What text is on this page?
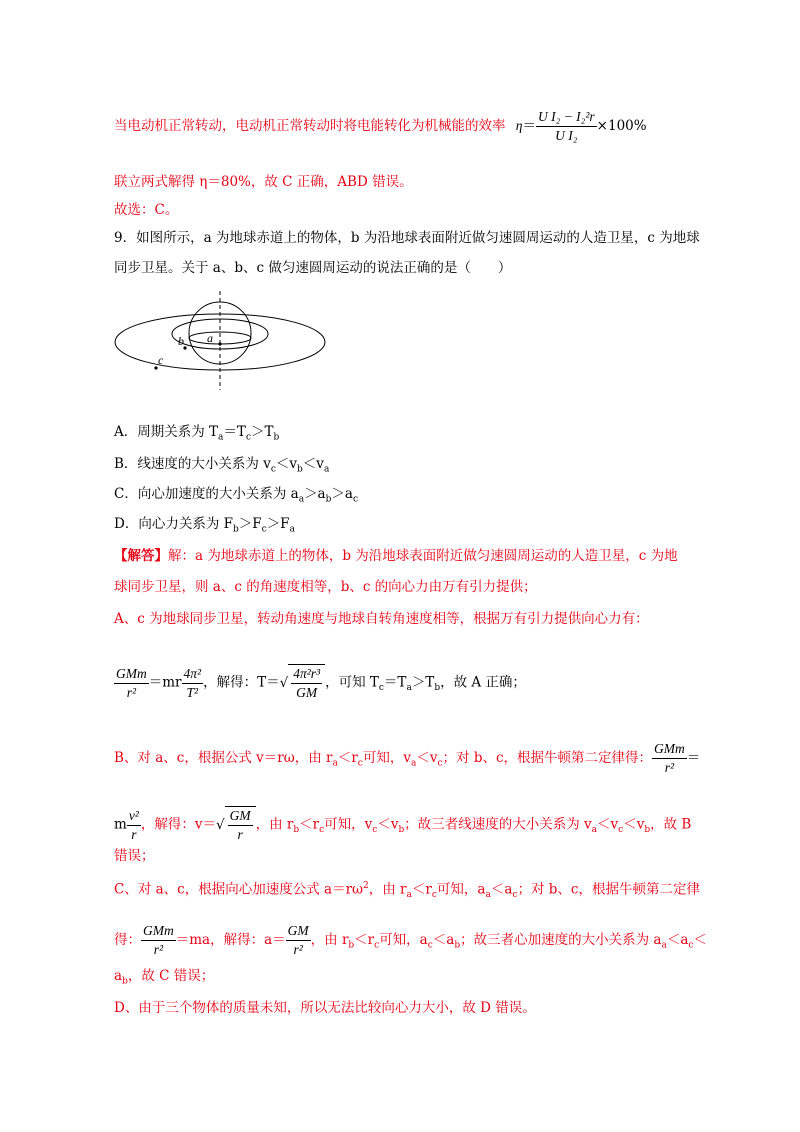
当电动机正常转动，电动机正常转动时将电能转化为机械能的效率 $\eta= \frac{\text{U I₂ − I₂²r}}{\text{U I₂}} \times 100\%$
联立两式解得 η＝80%，故 C 正确，ABD 错误。
故选：C。
9．如图所示，a 为地球赤道上的物体，b 为沿地球表面附近做匀速圆周运动的人造卫星，c 为地球
同步卫星。关于 a、b、c 做匀速圆周运动的说法正确的是（　　）
a
b
c
A．周期关系为 $T_a=T_c>T_b$
B．线速度的大小关系为 $v_c<v_b<v_a$
C．向心加速度的大小关系为 $a_a>a_b>a_c$
D．向心力关系为 $F_b>F_c>F_a$
【解答】解：a 为地球赤道上的物体，b 为沿地球表面附近做匀速圆周运动的人造卫星，c 为地
球同步卫星，则 a、c 的角速度相等，b、c 的向心力由万有引力提供；
A、c 为地球同步卫星，转动角速度与地球自转角速度相等，根据万有引力提供向心力有：
$\frac{\text{GMm}}{\text{r²}} =mr \frac{\text{4π²}}{\text{T²}}$ ，解得：$T=√ \frac{\text{4π²r³}}{GM}$ ，可知 $T_c=T_a>T_b$，故 A 正确；
B、对 a、c，根据公式 v＝rω，由 $r_a<r_c$可知，$v_a<v_c$；对 b、c，根据牛顿第二定律得： $\frac{\text{GMm}}{\text{r²}}$ ＝
m $\frac{\text{v²}}{r}$ ，解得：$v=√ \frac{GM}{r}$ ，由 $r_b<r_c$可知，$v_c<v_b$；故三者线速度的大小关系为 $v_a<v_c<v_b$，故 B
错误；
C、对 a、c，根据向心加速度公式 $a=r\omega^2$，由 $r_a<r_c$可知，$a_a<a_c$；对 b、c，根据牛顿第二定律
得： $\frac{\text{GMm}}{\text{r²}} =ma$，解得：$a= \frac{GM}{\text{r²}}$ ，由 $r_b<r_c$可知，$a_c<a_b$；故三者心加速度的大小关系为 $a_a<a_c<$
$a_b$，故 C 错误；
D、由于三个物体的质量未知，所以无法比较向心力大小，故 D 错误。
